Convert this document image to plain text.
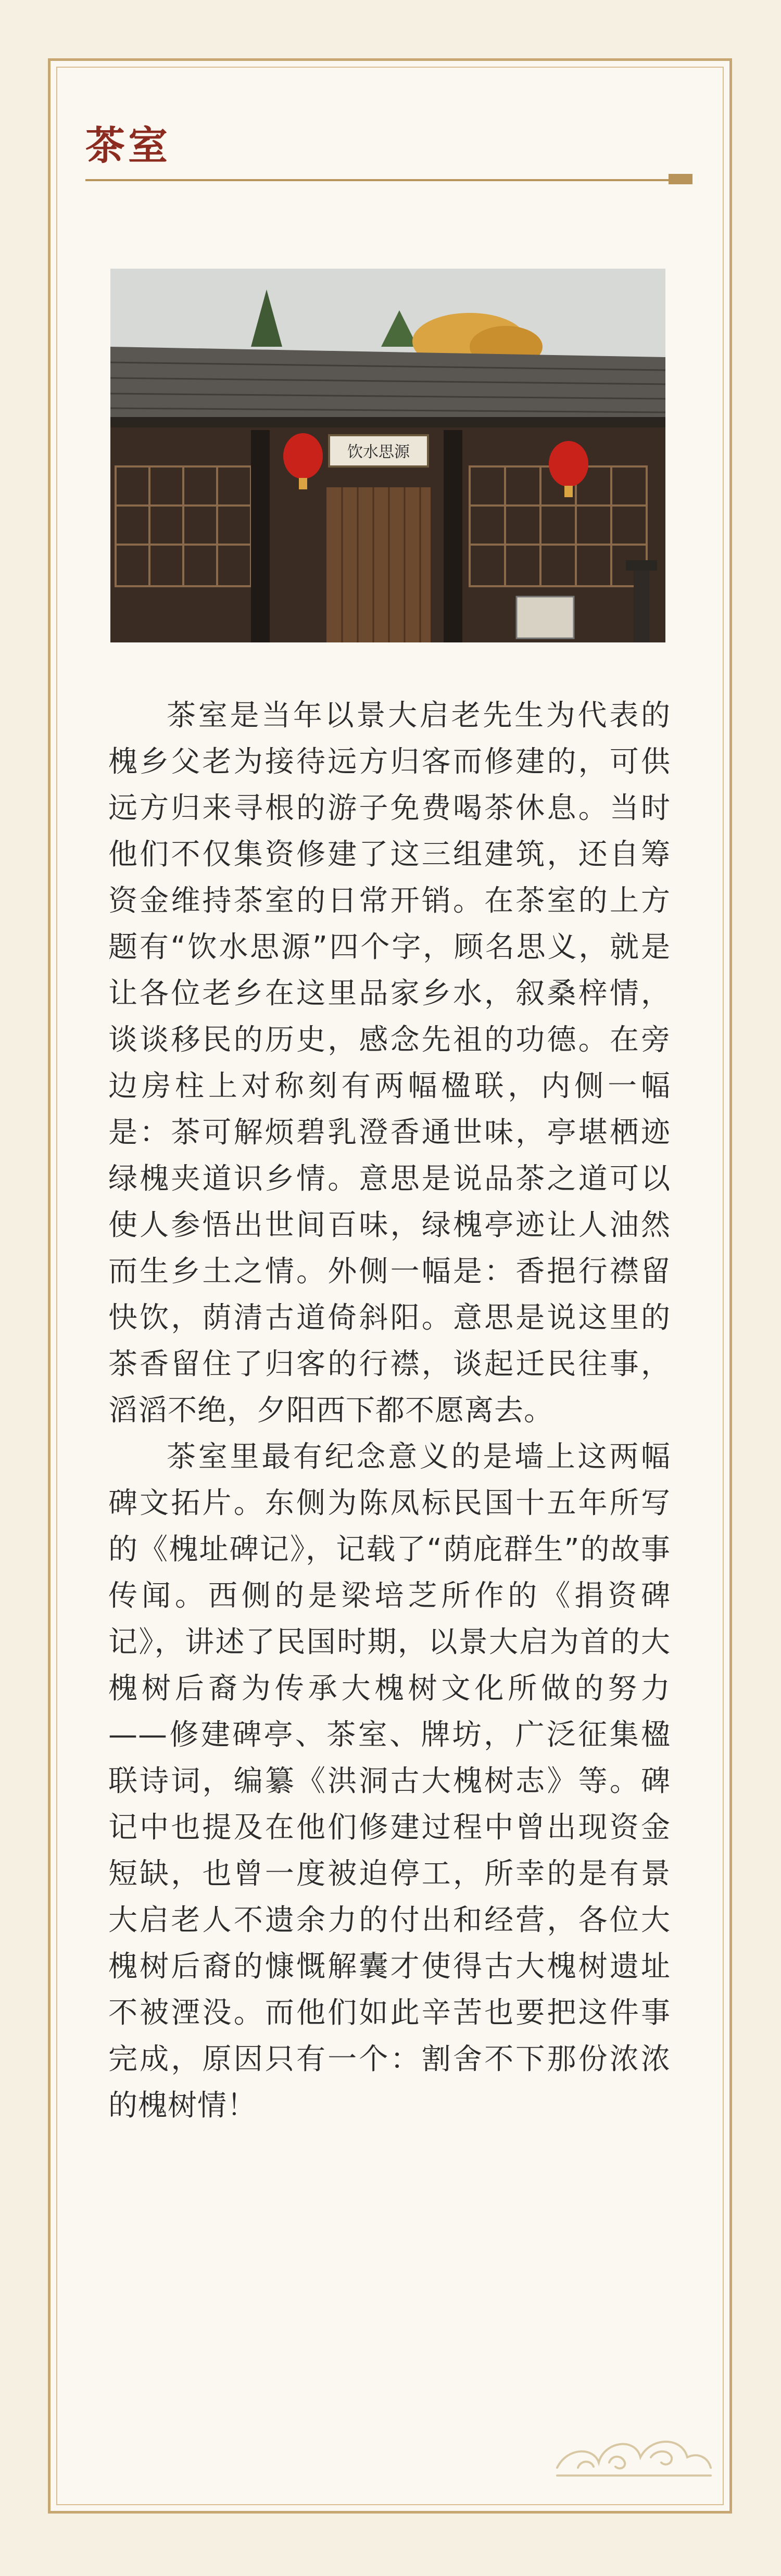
茶室
饮水思源

茶室是当年以景大启老先生为代表的槐乡父老为接待远方归客而修建的，可供远方归来寻根的游子免费喝茶休息。当时他们不仅集资修建了这三组建筑，还自筹资金维持茶室的日常开销。在茶室的上方题有“饮水思源”四个字，顾名思义，就是让各位老乡在这里品家乡水，叙桑梓情，谈谈移民的历史，感念先祖的功德。在旁边房柱上对称刻有两幅楹联，内侧一幅是：茶可解烦碧乳澄香通世味，亭堪栖迹绿槐夹道识乡情。意思是说品茶之道可以使人参悟出世间百味，绿槐亭迹让人油然而生乡土之情。外侧一幅是：香挹行襟留快饮，荫清古道倚斜阳。意思是说这里的茶香留住了归客的行襟，谈起迁民往事，滔滔不绝，夕阳西下都不愿离去。

茶室里最有纪念意义的是墙上这两幅碑文拓片。东侧为陈凤标民国十五年所写的《槐址碑记》，记载了“荫庇群生”的故事传闻。西侧的是梁培芝所作的《捐资碑记》，讲述了民国时期，以景大启为首的大槐树后裔为传承大槐树文化所做的努力——修建碑亭、茶室、牌坊，广泛征集楹联诗词，编纂《洪洞古大槐树志》等。碑记中也提及在他们修建过程中曾出现资金短缺，也曾一度被迫停工，所幸的是有景大启老人不遗余力的付出和经营，各位大槐树后裔的慷慨解囊才使得古大槐树遗址不被湮没。而他们如此辛苦也要把这件事完成，原因只有一个：割舍不下那份浓浓的槐树情！
